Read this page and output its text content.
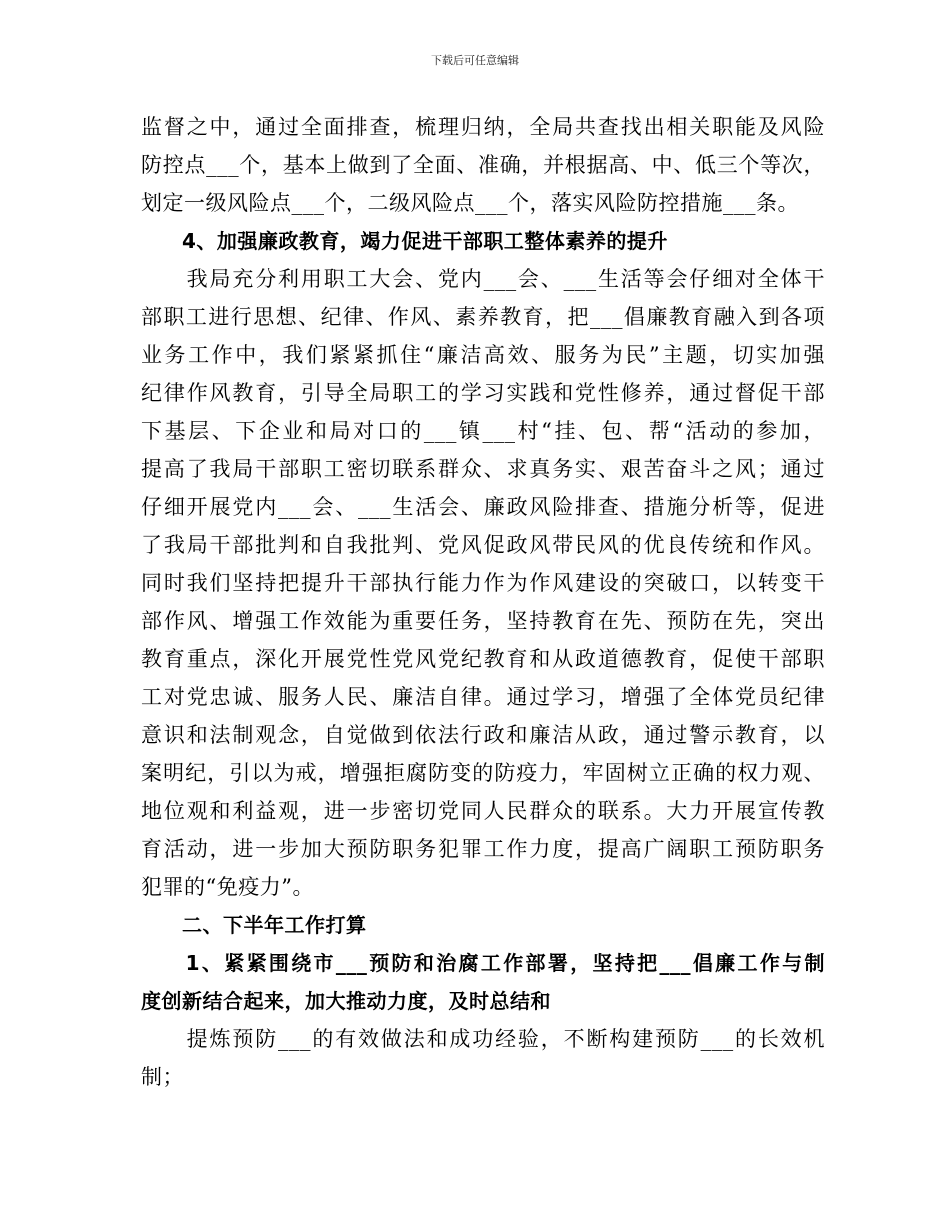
下载后可任意编辑
监督之中，通过全面排查，梳理归纳，全局共查找出相关职能及风险
防控点___个，基本上做到了全面、准确，并根据高、中、低三个等次，
划定一级风险点___个，二级风险点___个，落实风险防控措施___条。
　　4、加强廉政教育，竭力促进干部职工整体素养的提升
　　我局充分利用职工大会、党内___会、___生活等会仔细对全体干
部职工进行思想、纪律、作风、素养教育，把___倡廉教育融入到各项
业务工作中，我们紧紧抓住“廉洁高效、服务为民”主题，切实加强
纪律作风教育，引导全局职工的学习实践和党性修养，通过督促干部
下基层、下企业和局对口的___镇___村“挂、包、帮“活动的参加，
提高了我局干部职工密切联系群众、求真务实、艰苦奋斗之风；通过
仔细开展党内___会、___生活会、廉政风险排查、措施分析等，促进
了我局干部批判和自我批判、党风促政风带民风的优良传统和作风。
同时我们坚持把提升干部执行能力作为作风建设的突破口，以转变干
部作风、增强工作效能为重要任务，坚持教育在先、预防在先，突出
教育重点，深化开展党性党风党纪教育和从政道德教育，促使干部职
工对党忠诚、服务人民、廉洁自律。通过学习，增强了全体党员纪律
意识和法制观念，自觉做到依法行政和廉洁从政，通过警示教育，以
案明纪，引以为戒，增强拒腐防变的防疫力，牢固树立正确的权力观、
地位观和利益观，进一步密切党同人民群众的联系。大力开展宣传教
育活动，进一步加大预防职务犯罪工作力度，提高广阔职工预防职务
犯罪的“免疫力”。
　　二、下半年工作打算
　　1、紧紧围绕市___预防和治腐工作部署，坚持把___倡廉工作与制
度创新结合起来，加大推动力度，及时总结和
　　提炼预防___的有效做法和成功经验，不断构建预防___的长效机
制；
